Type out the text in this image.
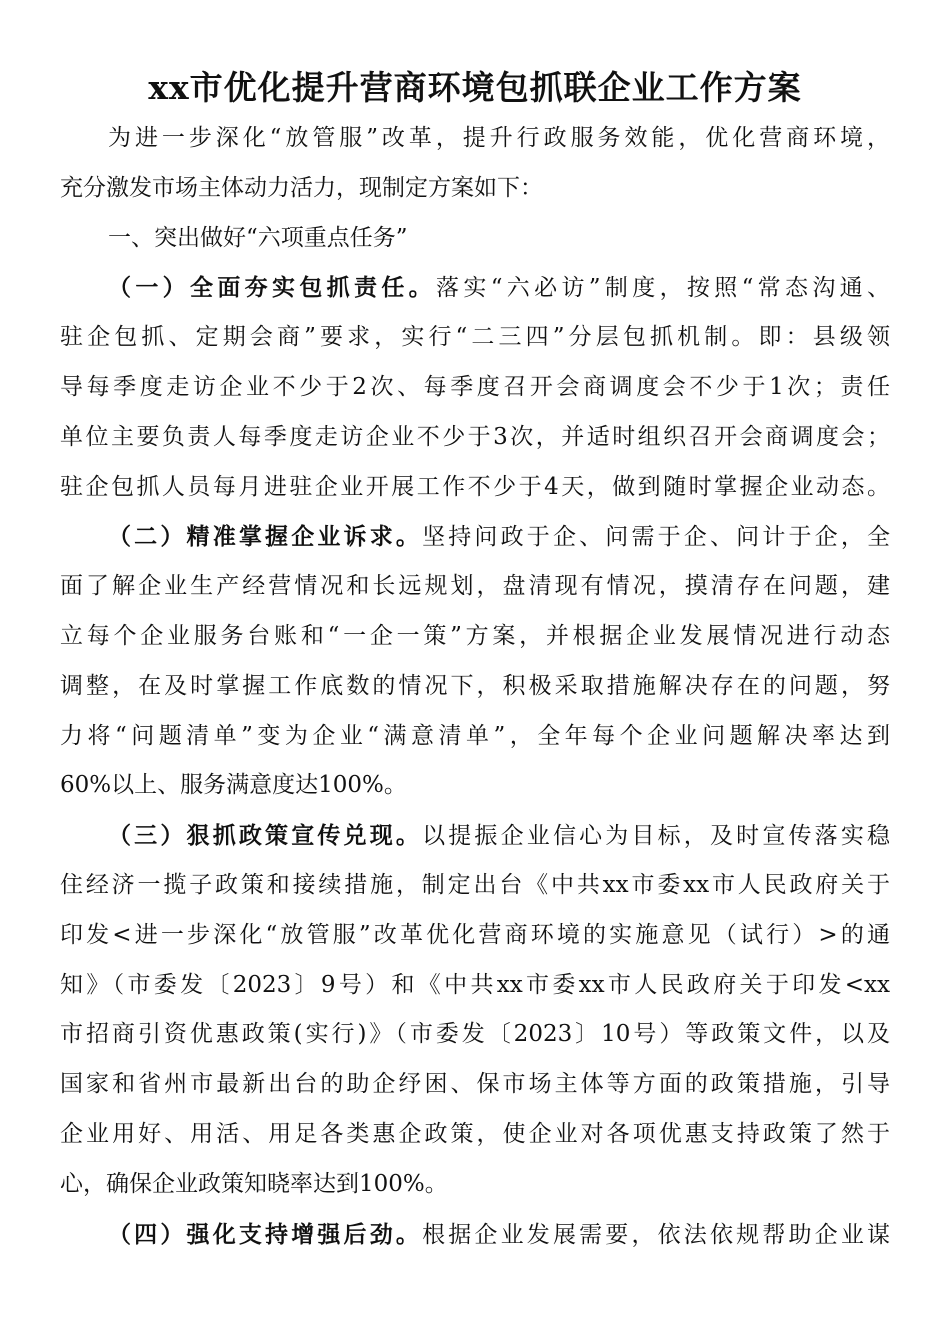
xx市优化提升营商环境包抓联企业工作方案
为进一步深化“放管服”改革，提升行政服务效能，优化营商环境，
充分激发市场主体动力活力，现制定方案如下：
一、突出做好“六项重点任务”
（一）全面夯实包抓责任。落实“六必访”制度，按照“常态沟通、
驻企包抓、定期会商”要求，实行“二三四”分层包抓机制。即：县级领
导每季度走访企业不少于2次、每季度召开会商调度会不少于1次；责任
单位主要负责人每季度走访企业不少于3次，并适时组织召开会商调度会；
驻企包抓人员每月进驻企业开展工作不少于4天，做到随时掌握企业动态。
（二）精准掌握企业诉求。坚持问政于企、问需于企、问计于企，全
面了解企业生产经营情况和长远规划，盘清现有情况，摸清存在问题，建
立每个企业服务台账和“一企一策”方案，并根据企业发展情况进行动态
调整，在及时掌握工作底数的情况下，积极采取措施解决存在的问题，努
力将“问题清单”变为企业“满意清单”，全年每个企业问题解决率达到
60%以上、服务满意度达100%。
（三）狠抓政策宣传兑现。以提振企业信心为目标，及时宣传落实稳
住经济一揽子政策和接续措施，制定出台《中共xx市委xx市人民政府关于
印发<进一步深化“放管服”改革优化营商环境的实施意见（试行）>的通
知》（市委发〔2023〕9号）和《中共xx市委xx市人民政府关于印发<xx
市招商引资优惠政策(实行)》（市委发〔2023〕10号）等政策文件，以及
国家和省州市最新出台的助企纾困、保市场主体等方面的政策措施，引导
企业用好、用活、用足各类惠企政策，使企业对各项优惠支持政策了然于
心，确保企业政策知晓率达到100%。
（四）强化支持增强后劲。根据企业发展需要，依法依规帮助企业谋
